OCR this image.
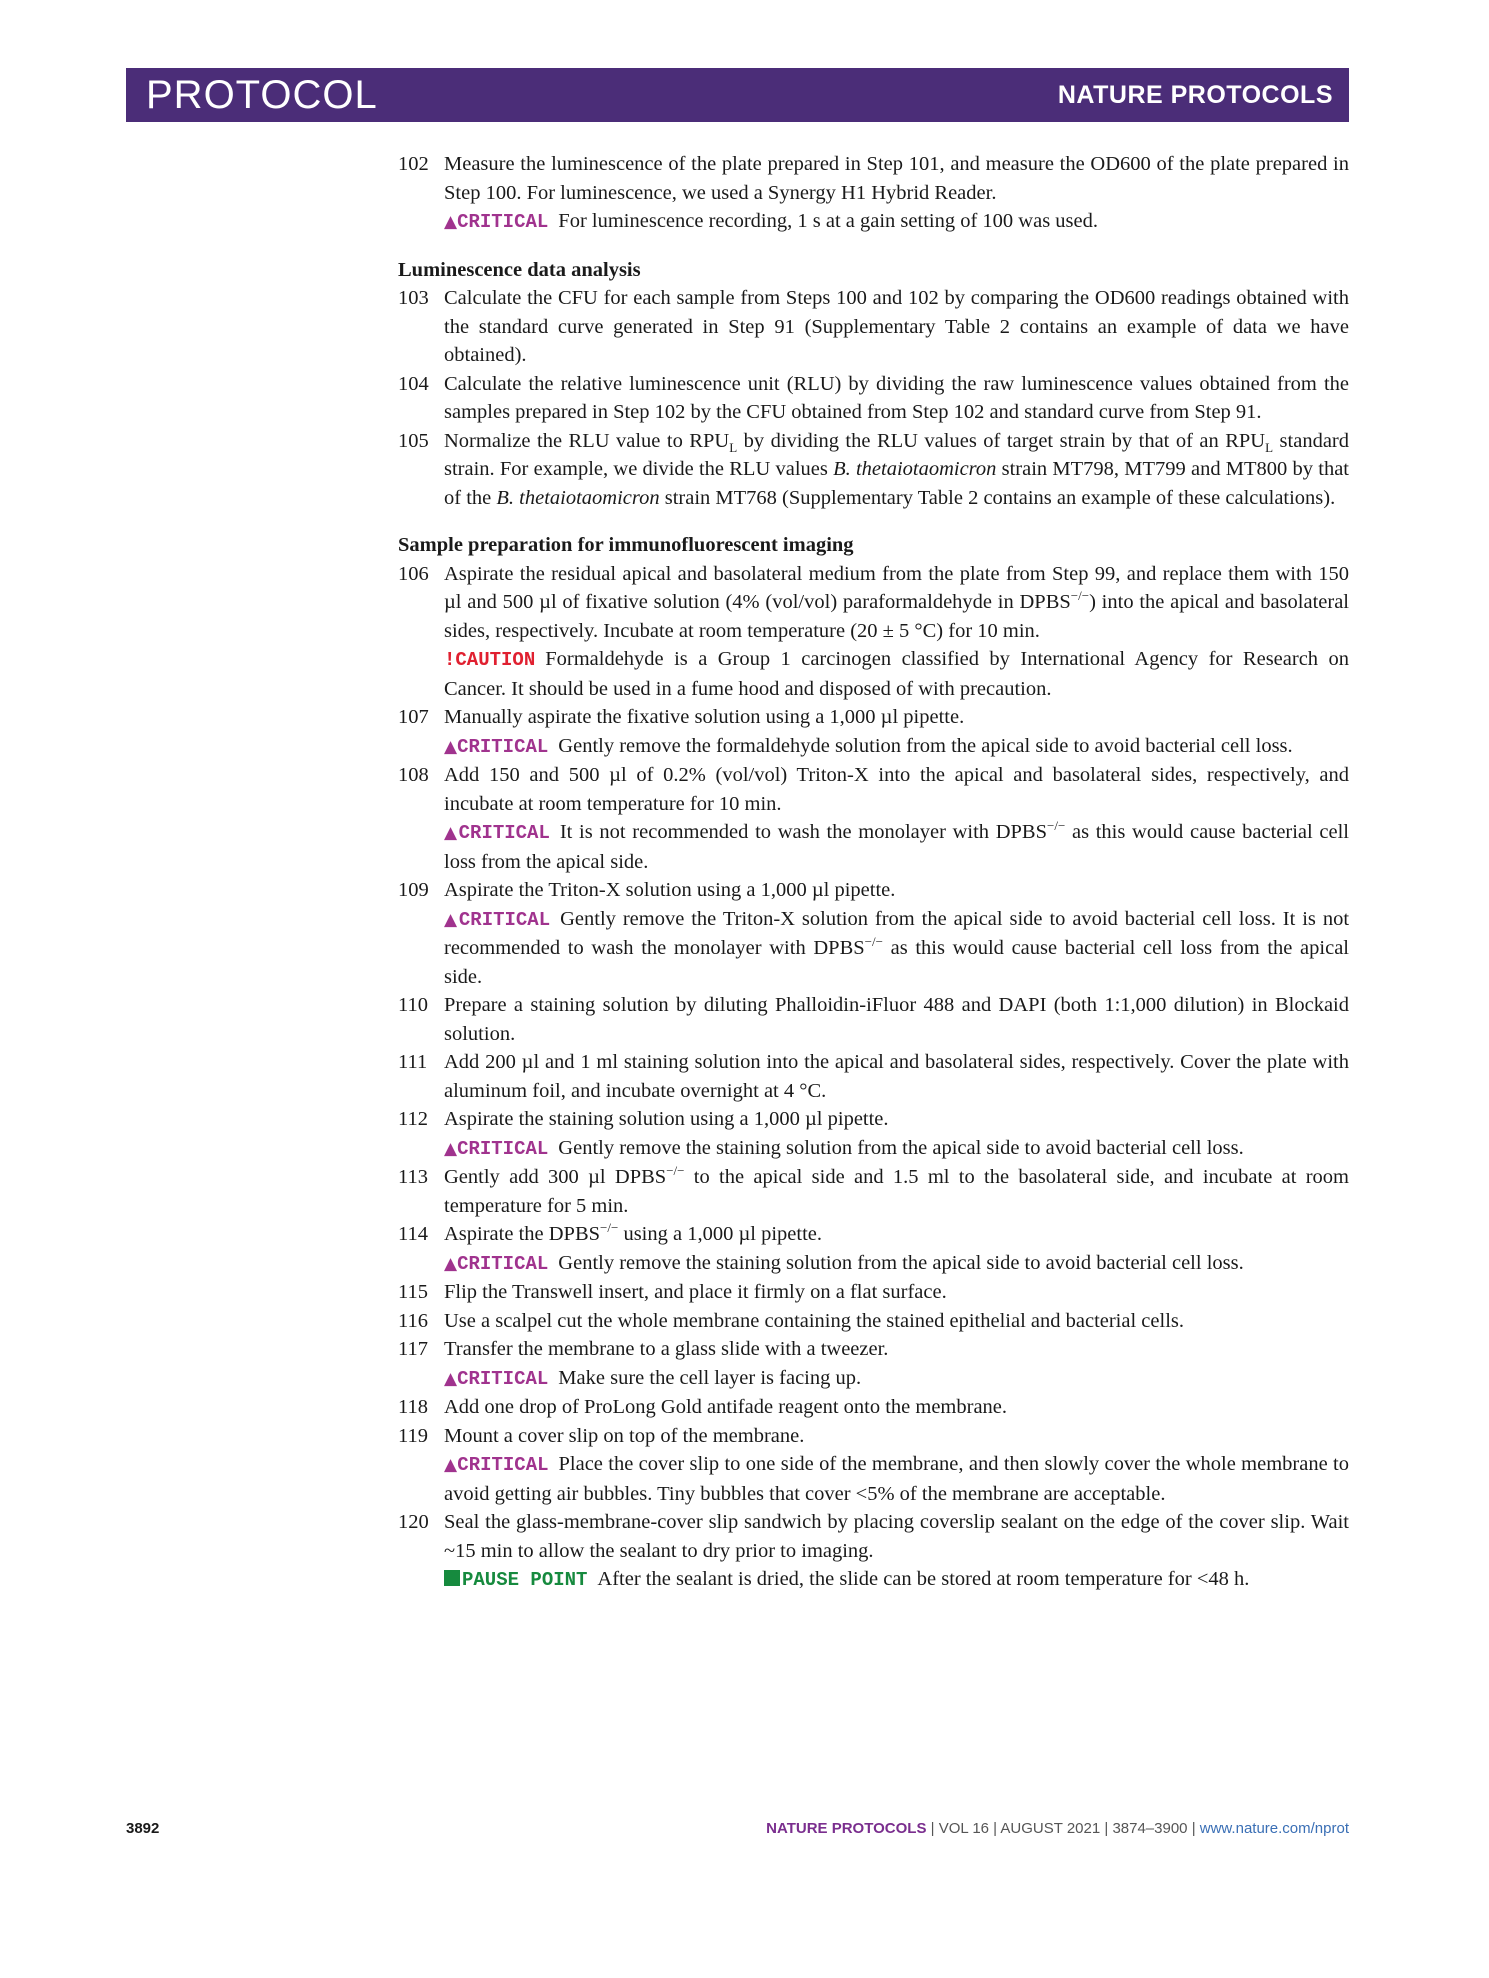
PROTOCOL	NATURE PROTOCOLS
102 Measure the luminescence of the plate prepared in Step 101, and measure the OD600 of the plate prepared in Step 100. For luminescence, we used a Synergy H1 Hybrid Reader.
▲CRITICAL For luminescence recording, 1 s at a gain setting of 100 was used.
Luminescence data analysis
103 Calculate the CFU for each sample from Steps 100 and 102 by comparing the OD600 readings obtained with the standard curve generated in Step 91 (Supplementary Table 2 contains an example of data we have obtained).
104 Calculate the relative luminescence unit (RLU) by dividing the raw luminescence values obtained from the samples prepared in Step 102 by the CFU obtained from Step 102 and standard curve from Step 91.
105 Normalize the RLU value to $RPU_L$ by dividing the RLU values of target strain by that of an $RPU_L$ standard strain. For example, we divide the RLU values B. thetaiotaomicron strain MT798, MT799 and MT800 by that of the B. thetaiotaomicron strain MT768 (Supplementary Table 2 contains an example of these calculations).
Sample preparation for immunofluorescent imaging
106 Aspirate the residual apical and basolateral medium from the plate from Step 99, and replace them with 150 µl and 500 µl of fixative solution (4% (vol/vol) paraformaldehyde in DPBS−/−) into the apical and basolateral sides, respectively. Incubate at room temperature (20 ± 5 °C) for 10 min.
!CAUTION Formaldehyde is a Group 1 carcinogen classified by International Agency for Research on Cancer. It should be used in a fume hood and disposed of with precaution.
107 Manually aspirate the fixative solution using a 1,000 µl pipette.
▲CRITICAL Gently remove the formaldehyde solution from the apical side to avoid bacterial cell loss.
108 Add 150 and 500 µl of 0.2% (vol/vol) Triton-X into the apical and basolateral sides, respectively, and incubate at room temperature for 10 min.
▲CRITICAL It is not recommended to wash the monolayer with DPBS−/− as this would cause bacterial cell loss from the apical side.
109 Aspirate the Triton-X solution using a 1,000 µl pipette.
▲CRITICAL Gently remove the Triton-X solution from the apical side to avoid bacterial cell loss. It is not recommended to wash the monolayer with DPBS−/− as this would cause bacterial cell loss from the apical side.
110 Prepare a staining solution by diluting Phalloidin-iFluor 488 and DAPI (both 1:1,000 dilution) in Blockaid solution.
111 Add 200 µl and 1 ml staining solution into the apical and basolateral sides, respectively. Cover the plate with aluminum foil, and incubate overnight at 4 °C.
112 Aspirate the staining solution using a 1,000 µl pipette.
▲CRITICAL Gently remove the staining solution from the apical side to avoid bacterial cell loss.
113 Gently add 300 µl DPBS−/− to the apical side and 1.5 ml to the basolateral side, and incubate at room temperature for 5 min.
114 Aspirate the DPBS−/− using a 1,000 µl pipette.
▲CRITICAL Gently remove the staining solution from the apical side to avoid bacterial cell loss.
115 Flip the Transwell insert, and place it firmly on a flat surface.
116 Use a scalpel cut the whole membrane containing the stained epithelial and bacterial cells.
117 Transfer the membrane to a glass slide with a tweezer.
▲CRITICAL Make sure the cell layer is facing up.
118 Add one drop of ProLong Gold antifade reagent onto the membrane.
119 Mount a cover slip on top of the membrane.
▲CRITICAL Place the cover slip to one side of the membrane, and then slowly cover the whole membrane to avoid getting air bubbles. Tiny bubbles that cover <5% of the membrane are acceptable.
120 Seal the glass-membrane-cover slip sandwich by placing coverslip sealant on the edge of the cover slip. Wait ~15 min to allow the sealant to dry prior to imaging.
PAUSE POINT After the sealant is dried, the slide can be stored at room temperature for <48 h.
3892	NATURE PROTOCOLS | VOL 16 | AUGUST 2021 | 3874–3900 | www.nature.com/nprot
